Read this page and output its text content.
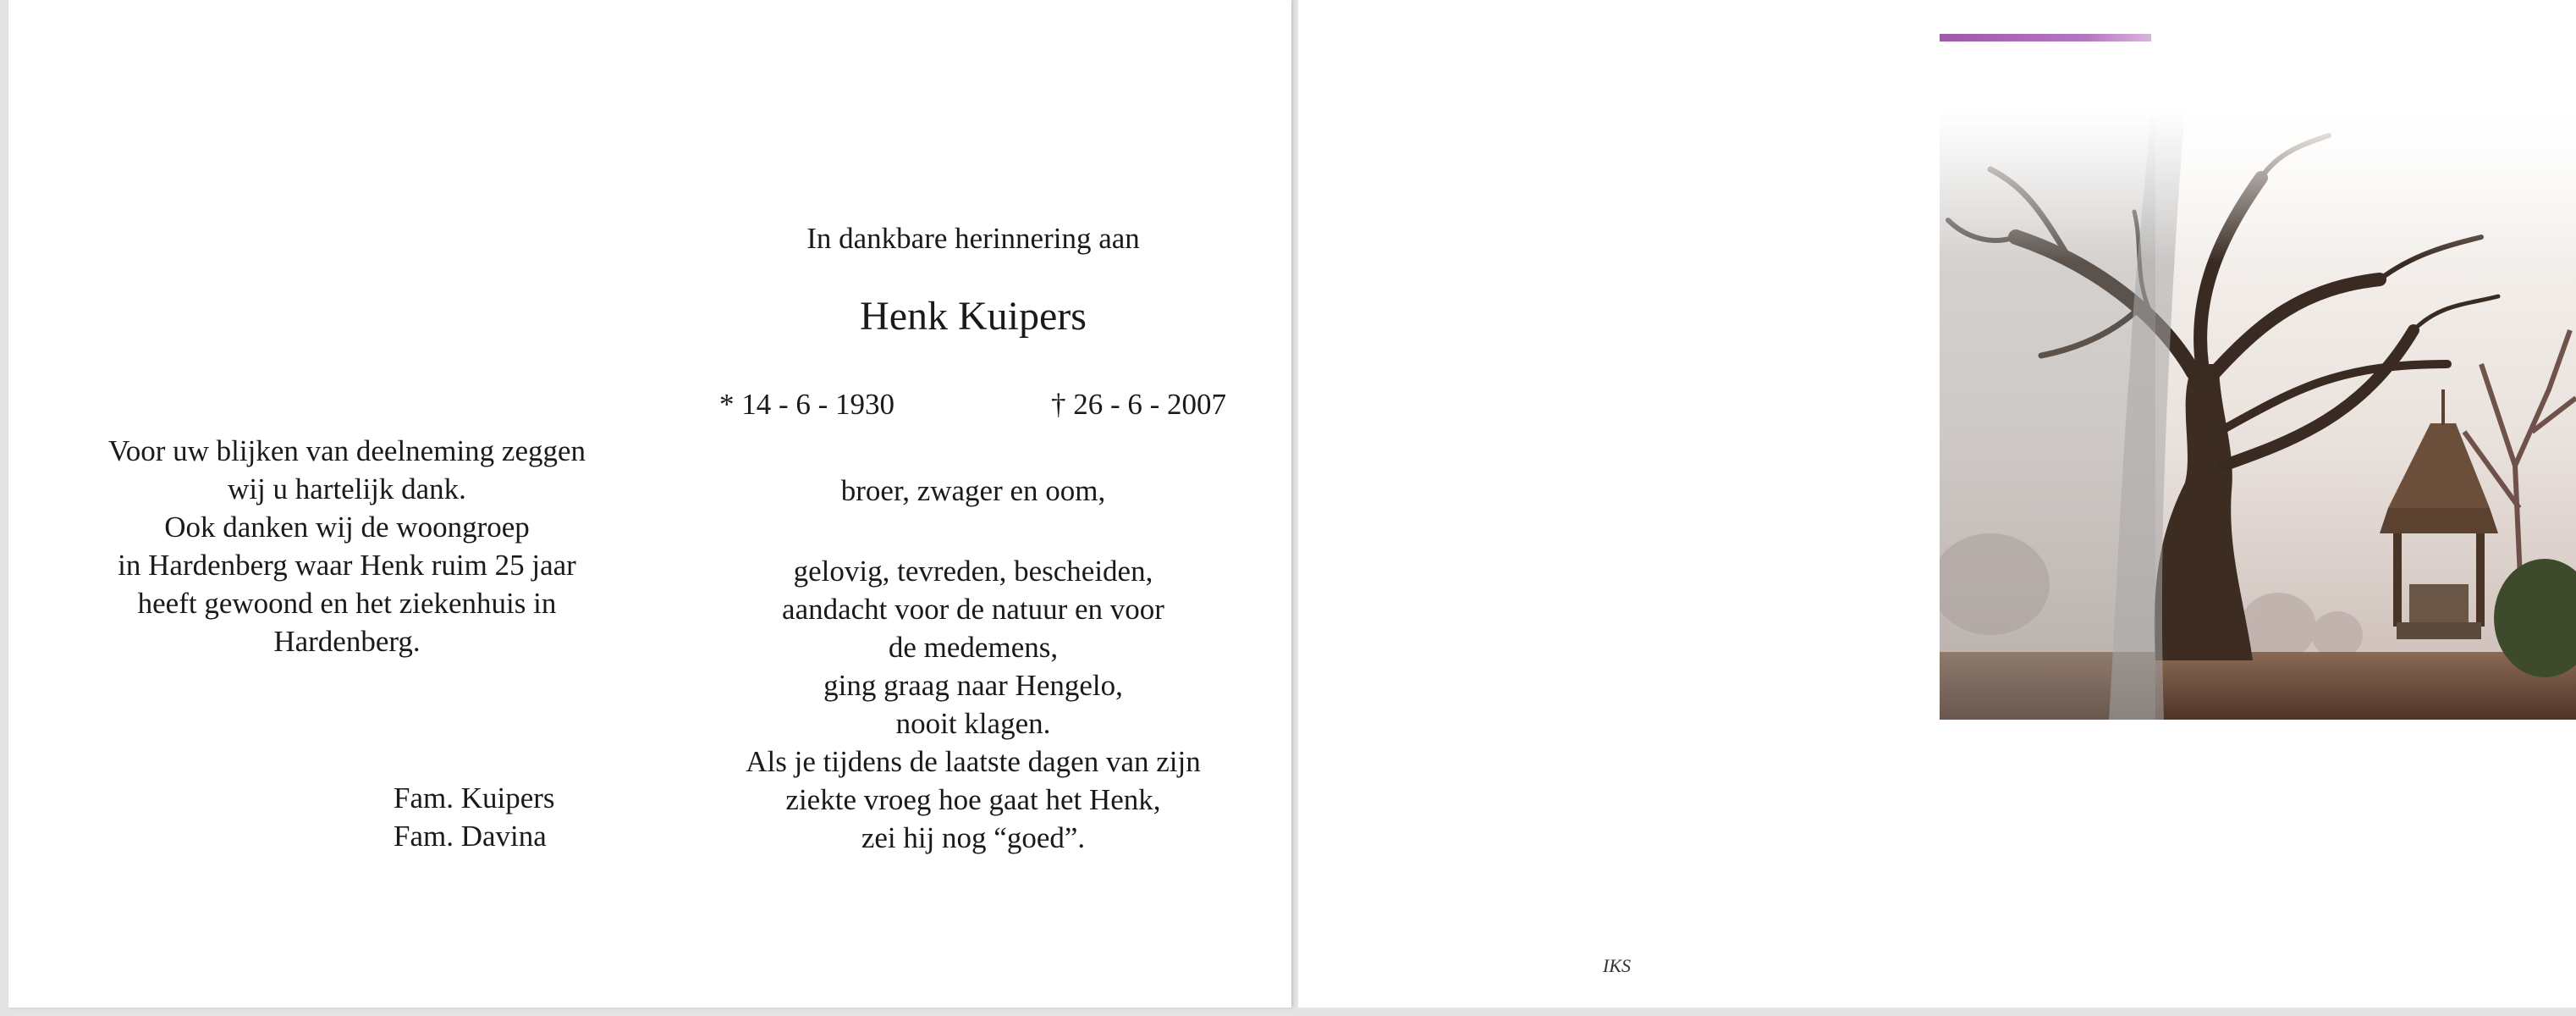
Voor uw blijken van deelneming zeggen
wij u hartelijk dank.
Ook danken wij de woongroep
in Hardenberg waar Henk ruim 25 jaar
heeft gewoond en het ziekenhuis in
Hardenberg.
Fam. Kuipers
Fam. Davina
In dankbare herinnering aan
Henk Kuipers
* 14 - 6 - 1930	† 26 - 6 - 2007
broer, zwager en oom,
gelovig, tevreden, bescheiden,
aandacht voor de natuur en voor
de medemens,
ging graag naar Hengelo,
nooit klagen.
Als je tijdens de laatste dagen van zijn
ziekte vroeg hoe gaat het Henk,
zei hij nog “goed”.
IKS
